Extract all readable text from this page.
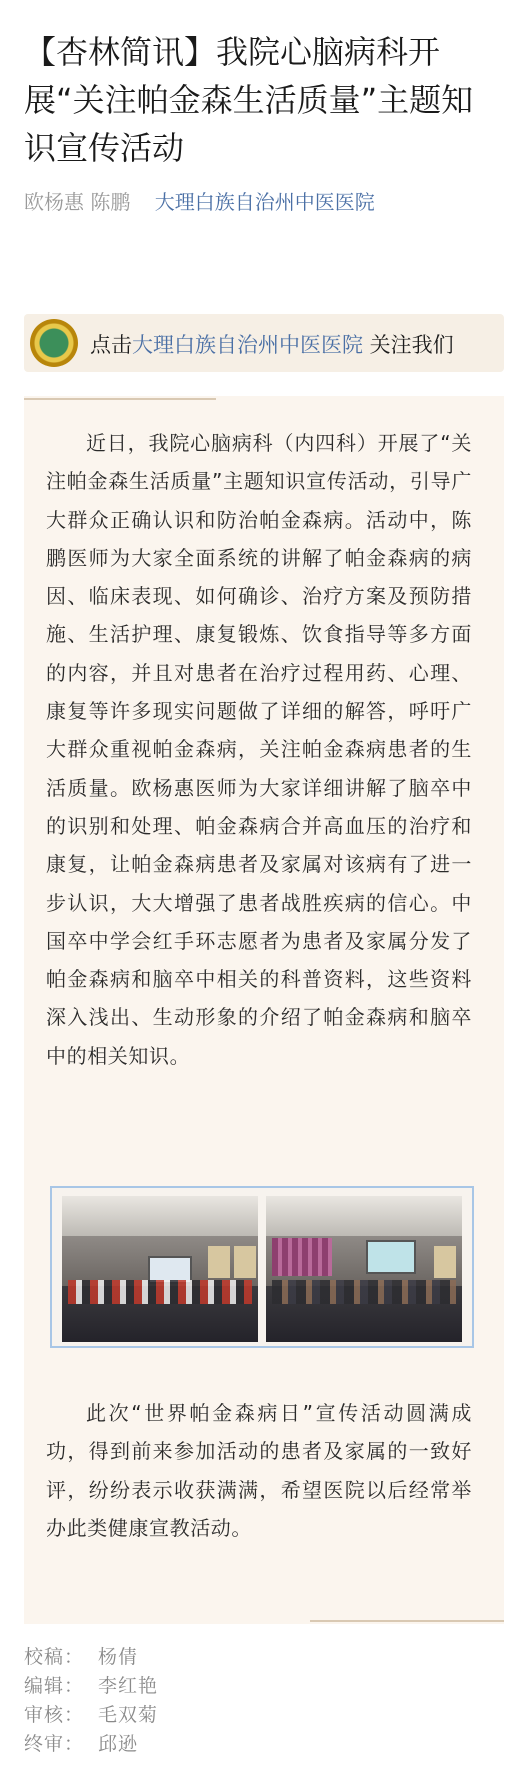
【杏林简讯】我院心脑病科开展“关注帕金森生活质量”主题知识宣传活动
欧杨惠 陈鹏 大理白族自治州中医医院
点击大理白族自治州中医医院 关注我们
近日，我院心脑病科（内四科）开展了“关注帕金森生活质量”主题知识宣传活动，引导广大群众正确认识和防治帕金森病。活动中，陈鹏医师为大家全面系统的讲解了帕金森病的病因、临床表现、如何确诊、治疗方案及预防措施、生活护理、康复锻炼、饮食指导等多方面的内容，并且对患者在治疗过程用药、心理、康复等许多现实问题做了详细的解答，呼吁广大群众重视帕金森病，关注帕金森病患者的生活质量。欧杨惠医师为大家详细讲解了脑卒中的识别和处理、帕金森病合并高血压的治疗和康复，让帕金森病患者及家属对该病有了进一步认识，大大增强了患者战胜疾病的信心。中国卒中学会红手环志愿者为患者及家属分发了帕金森病和脑卒中相关的科普资料，这些资料深入浅出、生动形象的介绍了帕金森病和脑卒中的相关知识。
此次“世界帕金森病日”宣传活动圆满成功，得到前来参加活动的患者及家属的一致好评，纷纷表示收获满满，希望医院以后经常举办此类健康宣教活动。
校稿： 杨倩
编辑： 李红艳
审核： 毛双菊
终审： 邱逊
